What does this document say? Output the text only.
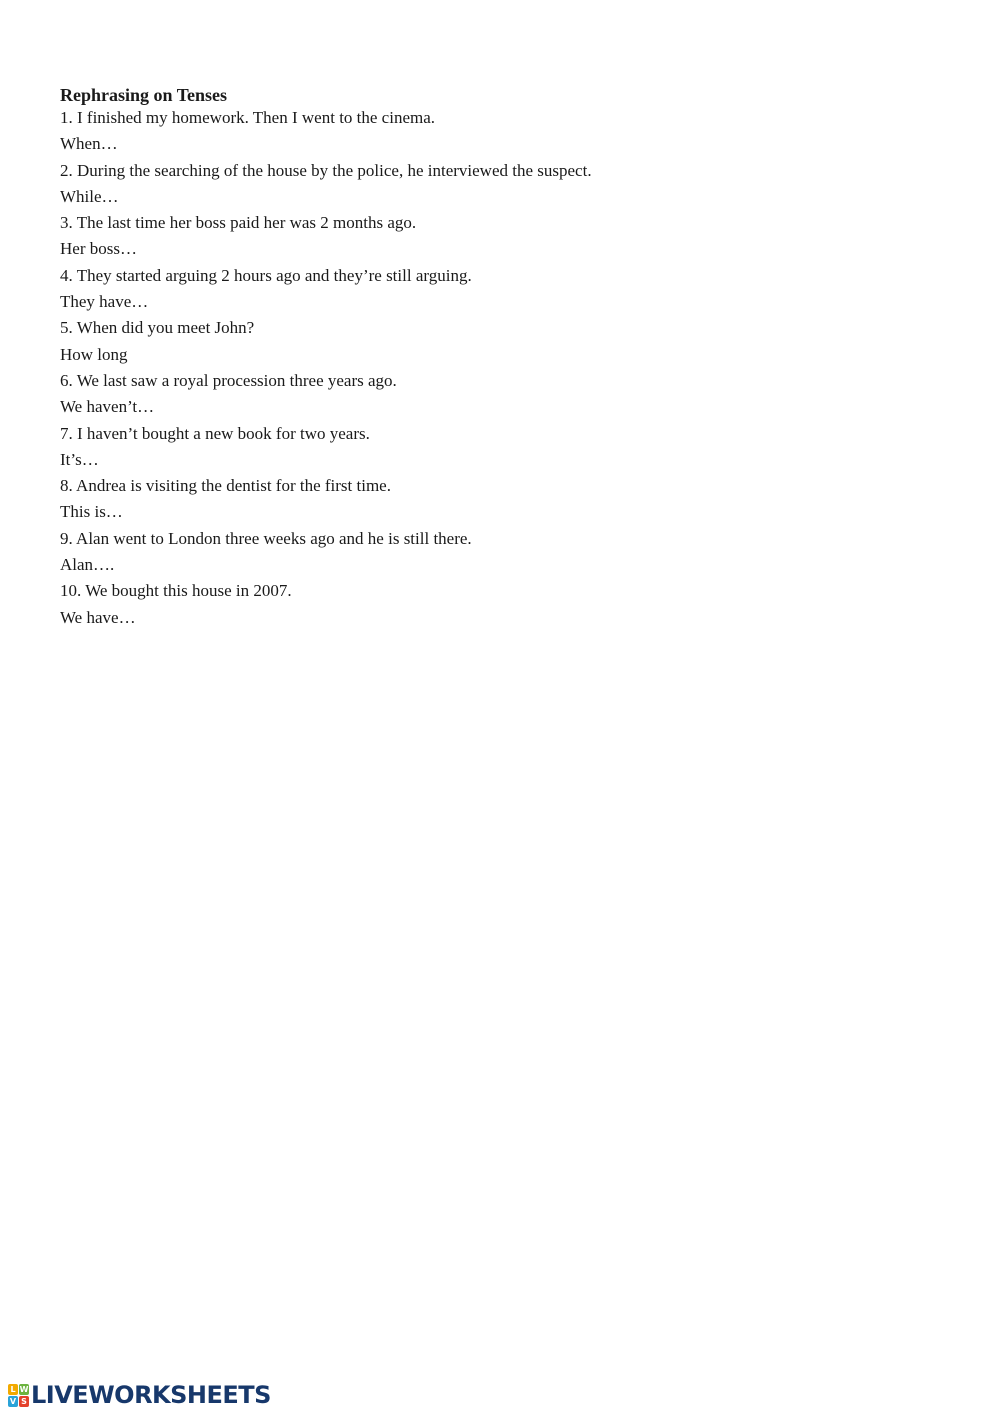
Rephrasing on Tenses
1. I finished my homework. Then I went to the cinema.
When…
2. During the searching of the house by the police, he interviewed the suspect.
While…
3. The last time her boss paid her was 2 months ago.
Her boss…
4. They started arguing 2 hours ago and they’re still arguing.
They have…
5. When did you meet John?
How long
6. We last saw a royal procession three years ago.
We haven’t…
7. I haven’t bought a new book for two years.
It’s…
8. Andrea is visiting the dentist for the first time.
This is…
9. Alan went to London three weeks ago and he is still there.
Alan….
10. We bought this house in 2007.
We have…
L W
V S LIVEWORKSHEETS
